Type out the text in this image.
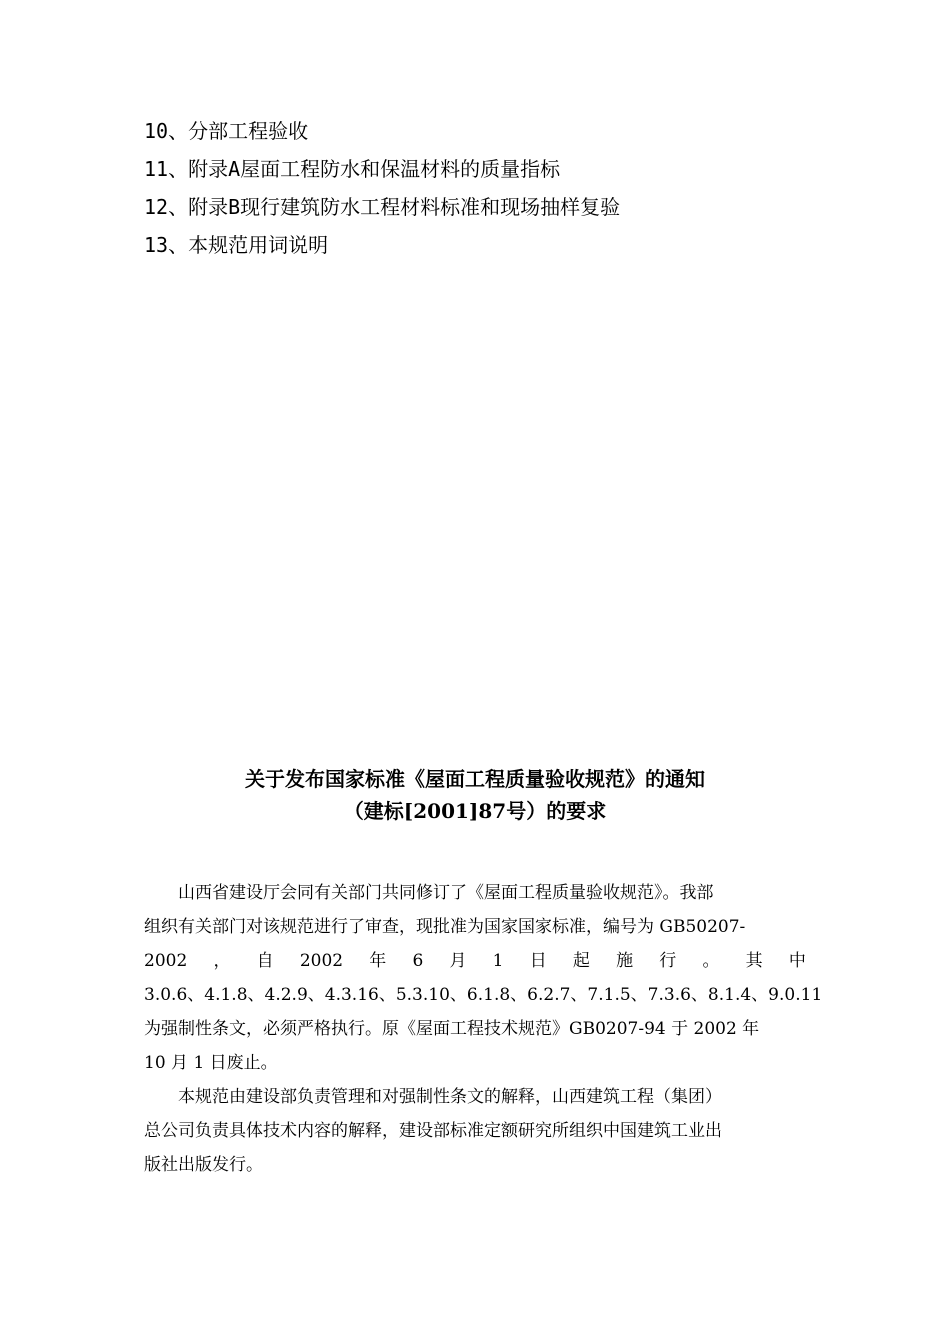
10、分部工程验收
11、附录A屋面工程防水和保温材料的质量指标
12、附录B现行建筑防水工程材料标准和现场抽样复验
13、本规范用词说明
关于发布国家标准《屋面工程质量验收规范》的通知
（建标[2001]87号）的要求
山西省建设厅会同有关部门共同修订了《屋面工程质量验收规范》。我部
组织有关部门对该规范进行了审查，现批准为国家国家标准，编号为 GB50207-
2002 ， 自 2002 年 6 月 1 日 起 施 行 。 其 中
3.0.6、4.1.8、4.2.9、4.3.16、5.3.10、6.1.8、6.2.7、7.1.5、7.3.6、8.1.4、9.0.11
为强制性条文，必须严格执行。原《屋面工程技术规范》GB0207-94 于 2002 年
10 月 1 日废止。
本规范由建设部负责管理和对强制性条文的解释，山西建筑工程（集团）
总公司负责具体技术内容的解释，建设部标准定额研究所组织中国建筑工业出
版社出版发行。
